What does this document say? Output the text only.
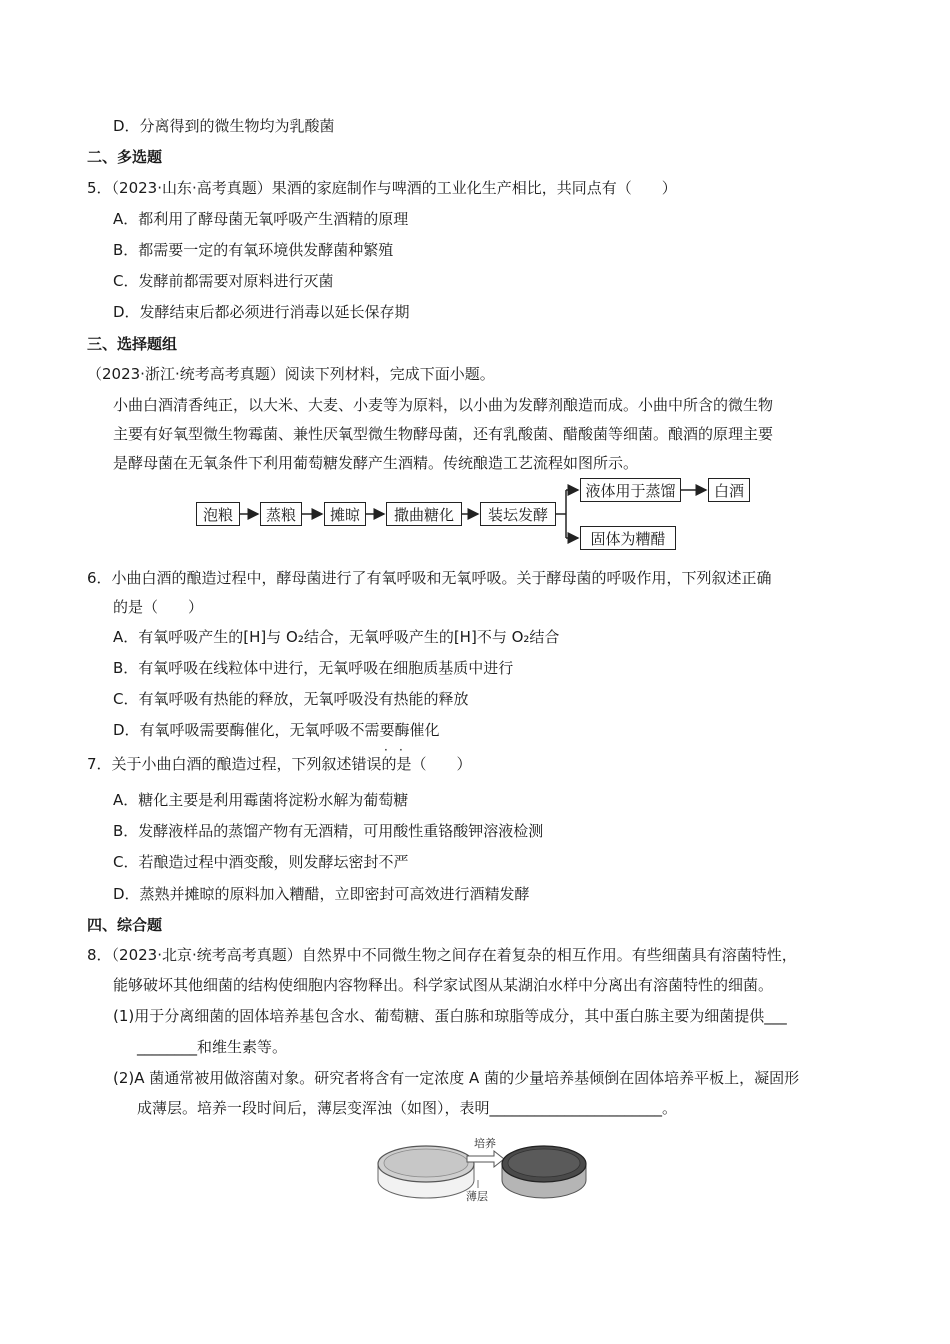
D．分离得到的微生物均为乳酸菌
二、多选题
5．（2023·山东·高考真题）果酒的家庭制作与啤酒的工业化生产相比，共同点有（　　）
A．都利用了酵母菌无氧呼吸产生酒精的原理
B．都需要一定的有氧环境供发酵菌种繁殖
C．发酵前都需要对原料进行灭菌
D．发酵结束后都必须进行消毒以延长保存期
三、选择题组
（2023·浙江·统考高考真题）阅读下列材料，完成下面小题。
小曲白酒清香纯正，以大米、大麦、小麦等为原料，以小曲为发酵剂酿造而成。小曲中所含的微生物
主要有好氧型微生物霉菌、兼性厌氧型微生物酵母菌，还有乳酸菌、醋酸菌等细菌。酿酒的原理主要
是酵母菌在无氧条件下利用葡萄糖发酵产生酒精。传统酿造工艺流程如图所示。
泡粮	蒸粮	摊晾	撒曲糖化	装坛发酵
液体用于蒸馏	白酒
固体为糟醋
6．小曲白酒的酿造过程中，酵母菌进行了有氧呼吸和无氧呼吸。关于酵母菌的呼吸作用，下列叙述正确
的是（　　）
A．有氧呼吸产生的[H]与 O₂结合，无氧呼吸产生的[H]不与 O₂结合
B．有氧呼吸在线粒体中进行，无氧呼吸在细胞质基质中进行
C．有氧呼吸有热能的释放，无氧呼吸没有热能的释放
D．有氧呼吸需要酶催化，无氧呼吸不需要酶催化
· ·
7．关于小曲白酒的酿造过程，下列叙述错误的是（　　）
A．糖化主要是利用霉菌将淀粉水解为葡萄糖
B．发酵液样品的蒸馏产物有无酒精，可用酸性重铬酸钾溶液检测
C．若酿造过程中酒变酸，则发酵坛密封不严
D．蒸熟并摊晾的原料加入糟醋，立即密封可高效进行酒精发酵
四、综合题
8．（2023·北京·统考高考真题）自然界中不同微生物之间存在着复杂的相互作用。有些细菌具有溶菌特性，
能够破坏其他细菌的结构使细胞内容物释出。科学家试图从某湖泊水样中分离出有溶菌特性的细菌。
(1)用于分离细菌的固体培养基包含水、葡萄糖、蛋白胨和琼脂等成分，其中蛋白胨主要为细菌提供___
________和维生素等。
(2)A 菌通常被用做溶菌对象。研究者将含有一定浓度 A 菌的少量培养基倾倒在固体培养平板上，凝固形
成薄层。培养一段时间后，薄层变浑浊（如图），表明_______________________。
培养
薄层
